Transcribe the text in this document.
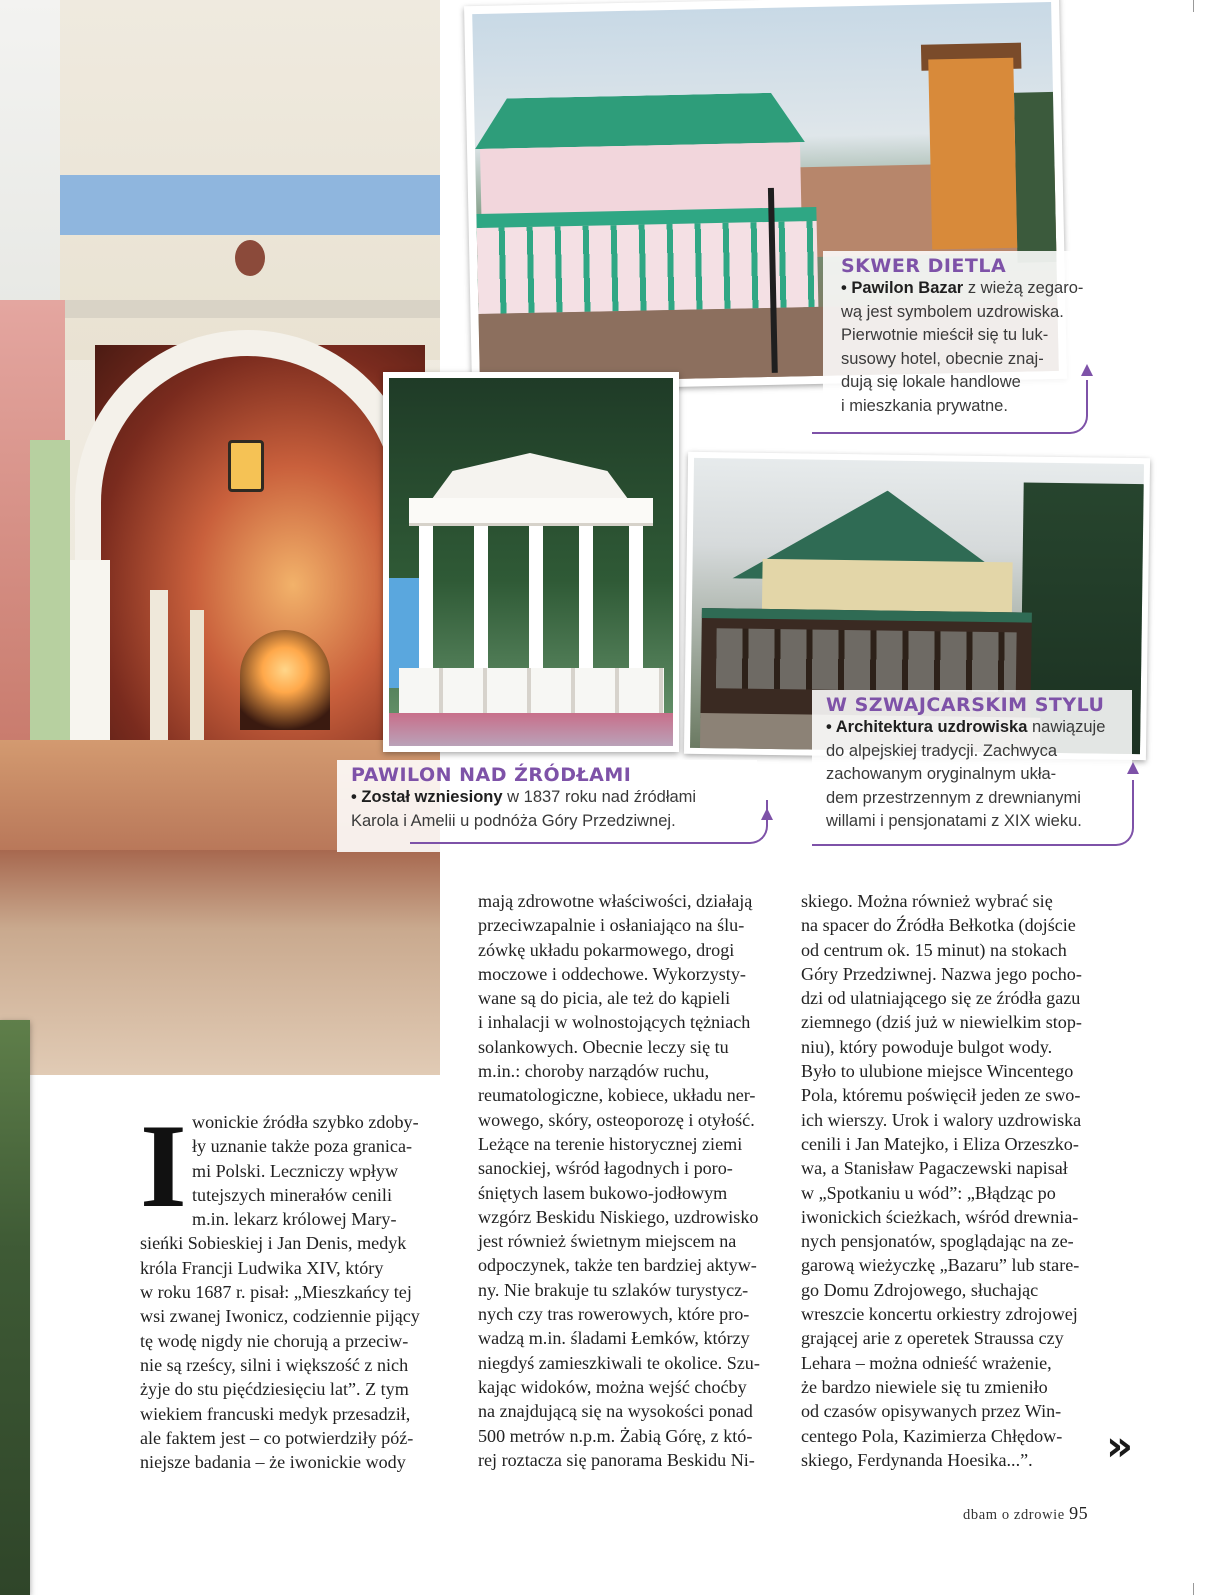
SKWER DIETLA
• Pawilon Bazar z wieżą zegaro-
wą jest symbolem uzdrowiska.
Pierwotnie mieścił się tu luk-
susowy hotel, obecnie znaj-
dują się lokale handlowe
i mieszkania prywatne.
PAWILON NAD ŹRÓDŁAMI
• Został wzniesiony w 1837 roku nad źródłami
Karola i Amelii u podnóża Góry Przedziwnej.
W SZWAJCARSKIM STYLU
• Architektura uzdrowiska nawiązuje
do alpejskiej tradycji. Zachwyca
zachowanym oryginalnym ukła-
dem przestrzennym z drewnianymi
willami i pensjonatami z XIX wieku.
I wonickie źródła szybko zdoby-
ły uznanie także poza granica-
mi Polski. Leczniczy wpływ
tutejszych minerałów cenili
m.in. lekarz królowej Mary-
sieńki Sobieskiej i Jan Denis, medyk
króla Francji Ludwika XIV, który
w roku 1687 r. pisał: „Mieszkańcy tej
wsi zwanej Iwonicz, codziennie pijący
tę wodę nigdy nie chorują a przeciw-
nie są rześcy, silni i większość z nich
żyje do stu pięćdziesięciu lat”. Z tym
wiekiem francuski medyk przesadził,
ale faktem jest – co potwierdziły póź-
niejsze badania – że iwonickie wody

mają zdrowotne właściwości, działają
przeciwzapalnie i osłaniająco na ślu-
zówkę układu pokarmowego, drogi
moczowe i oddechowe. Wykorzysty-
wane są do picia, ale też do kąpieli
i inhalacji w wolnostojących tężniach
solankowych. Obecnie leczy się tu
m.in.: choroby narządów ruchu,
reumatologiczne, kobiece, układu ner-
wowego, skóry, osteoporozę i otyłość.
Leżące na terenie historycznej ziemi
sanockiej, wśród łagodnych i poro-
śniętych lasem bukowo-jodłowym
wzgórz Beskidu Niskiego, uzdrowisko
jest również świetnym miejscem na
odpoczynek, także ten bardziej aktyw-
ny. Nie brakuje tu szlaków turystycz-
nych czy tras rowerowych, które pro-
wadzą m.in. śladami Łemków, którzy
niegdyś zamieszkiwali te okolice. Szu-
kając widoków, można wejść choćby
na znajdującą się na wysokości ponad
500 metrów n.p.m. Żabią Górę, z któ-
rej roztacza się panorama Beskidu Ni-

skiego. Można również wybrać się
na spacer do Źródła Bełkotka (dojście
od centrum ok. 15 minut) na stokach
Góry Przedziwnej. Nazwa jego pocho-
dzi od ulatniającego się ze źródła gazu
ziemnego (dziś już w niewielkim stop-
niu), który powoduje bulgot wody.
Było to ulubione miejsce Wincentego
Pola, któremu poświęcił jeden ze swo-
ich wierszy. Urok i walory uzdrowiska
cenili i Jan Matejko, i Eliza Orzeszko-
wa, a Stanisław Pagaczewski napisał
w „Spotkaniu u wód”: „Błądząc po
iwonickich ścieżkach, wśród drewnia-
nych pensjonatów, spoglądając na ze-
garową wieżyczkę „Bazaru” lub stare-
go Domu Zdrojowego, słuchając
wreszcie koncertu orkiestry zdrojowej
grającej arie z operetek Straussa czy
Lehara – można odnieść wrażenie,
że bardzo niewiele się tu zmieniło
od czasów opisywanych przez Win-
centego Pola, Kazimierza Chłędow-
skiego, Ferdynanda Hoesika...”.	»
dbam o zdrowie 95
